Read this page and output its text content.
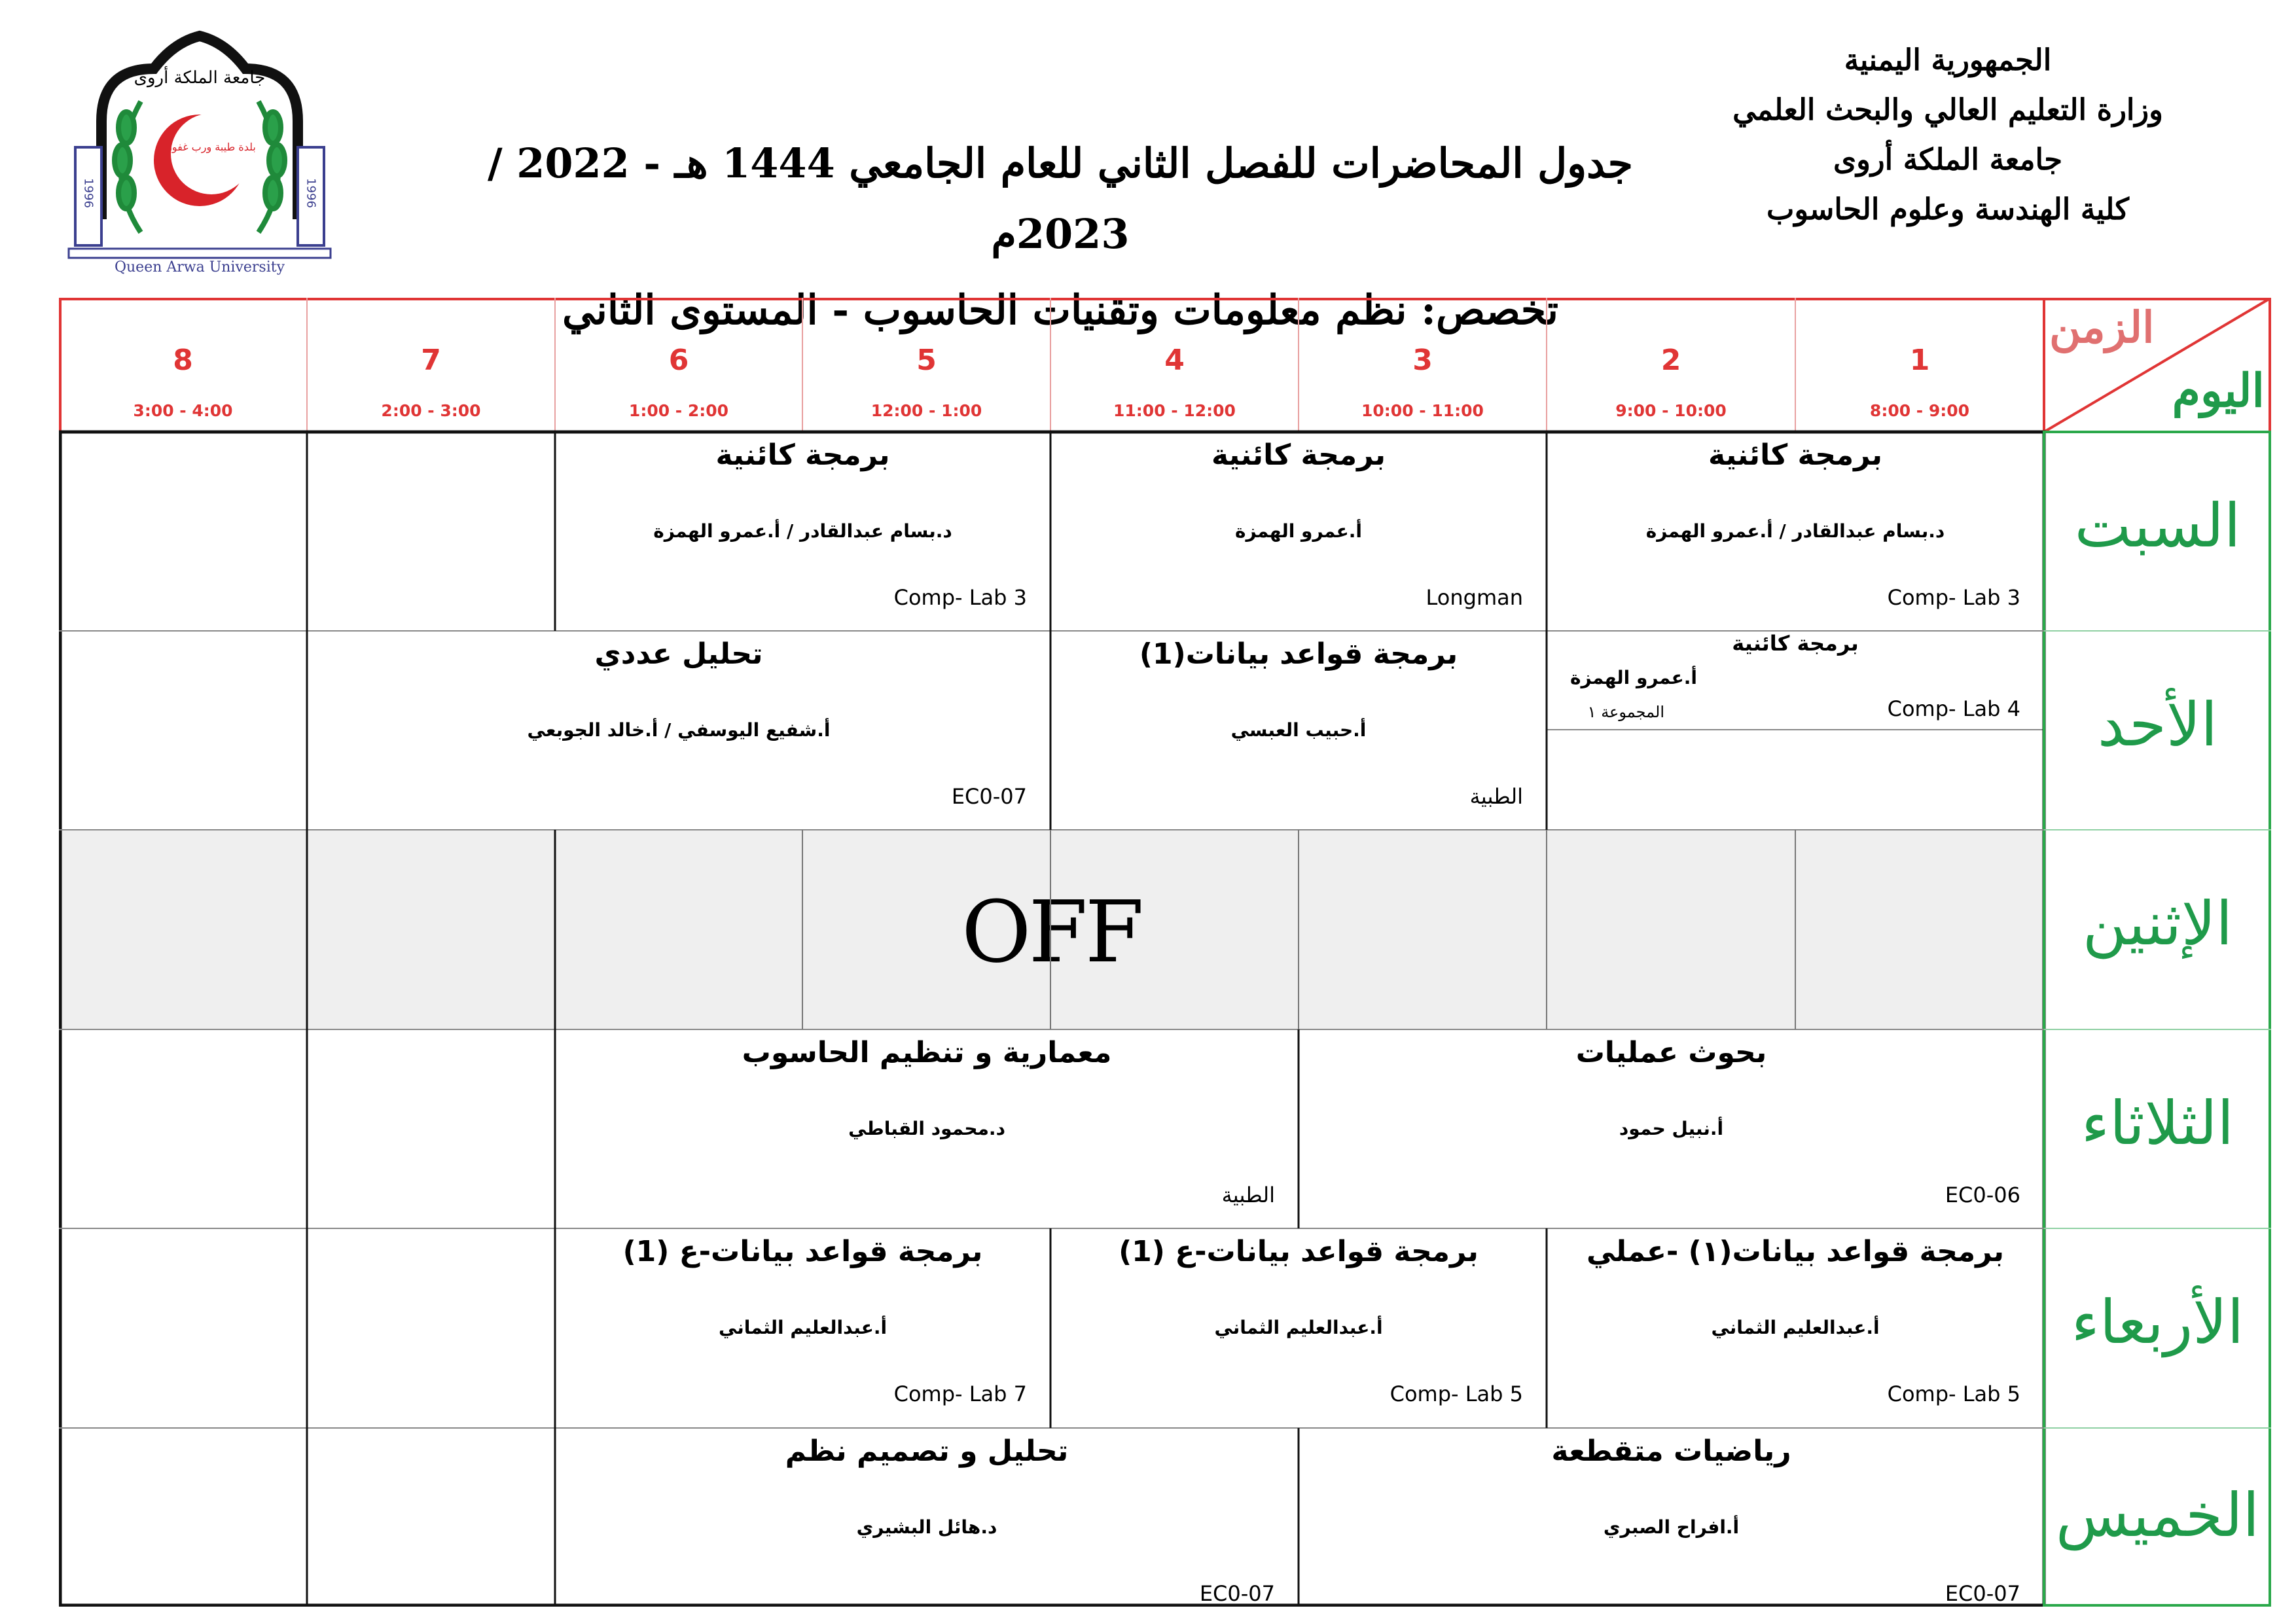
الجمهورية اليمنية
وزارة التعليم العالي والبحث العلمي
جامعة الملكة أروى
كلية الهندسة وعلوم الحاسوب
جدول المحاضرات للفصل الثاني للعام الجامعي 1444 هـ - 2022 / 2023م
تخصص: نظم معلومات وتقنيات الحاسوب - المستوى الثاني
جامعة الملكة أروى
بلدة طيبة ورب غفور
1996	1996
Queen Arwa University
1
8:00 - 9:00
2
9:00 - 10:00
3
10:00 - 11:00
4
11:00 - 12:00
5
12:00 - 1:00
6
1:00 - 2:00
7
2:00 - 3:00
8
3:00 - 4:00
الزمن
اليوم
السبت
الأحد
الإثنين
الثلاثاء
الأربعاء
الخميس
برمجة كائنية
د.بسام عبدالقادر / أ.عمرو الهمزة
Comp- Lab 3
برمجة كائنية
أ.عمرو الهمزة
Longman
برمجة كائنية
د.بسام عبدالقادر / أ.عمرو الهمزة
Comp- Lab 3
برمجة كائنية
أ.عمرو الهمزة
المجموعة ١	Comp- Lab 4
برمجة قواعد بيانات(1)
أ.حبيب العبسي
الطبية
تحليل عددي
أ.شفيع اليوسفي / أ.خالد الجوبعي
EC0-07
OFF
بحوث عمليات
أ.نبيل حمود
EC0-06
معمارية و تنظيم الحاسوب
د.محمود القباطي
الطبية
برمجة قواعد بيانات(١) -عملي
أ.عبدالعليم الثماني
Comp- Lab 5
برمجة قواعد بيانات-ع (1)
أ.عبدالعليم الثماني
Comp- Lab 5
برمجة قواعد بيانات-ع (1)
أ.عبدالعليم الثماني
Comp- Lab 7
رياضيات متقطعة
أ.افراح الصبري
EC0-07
تحليل و تصميم نظم
د.هائل البشيري
EC0-07
